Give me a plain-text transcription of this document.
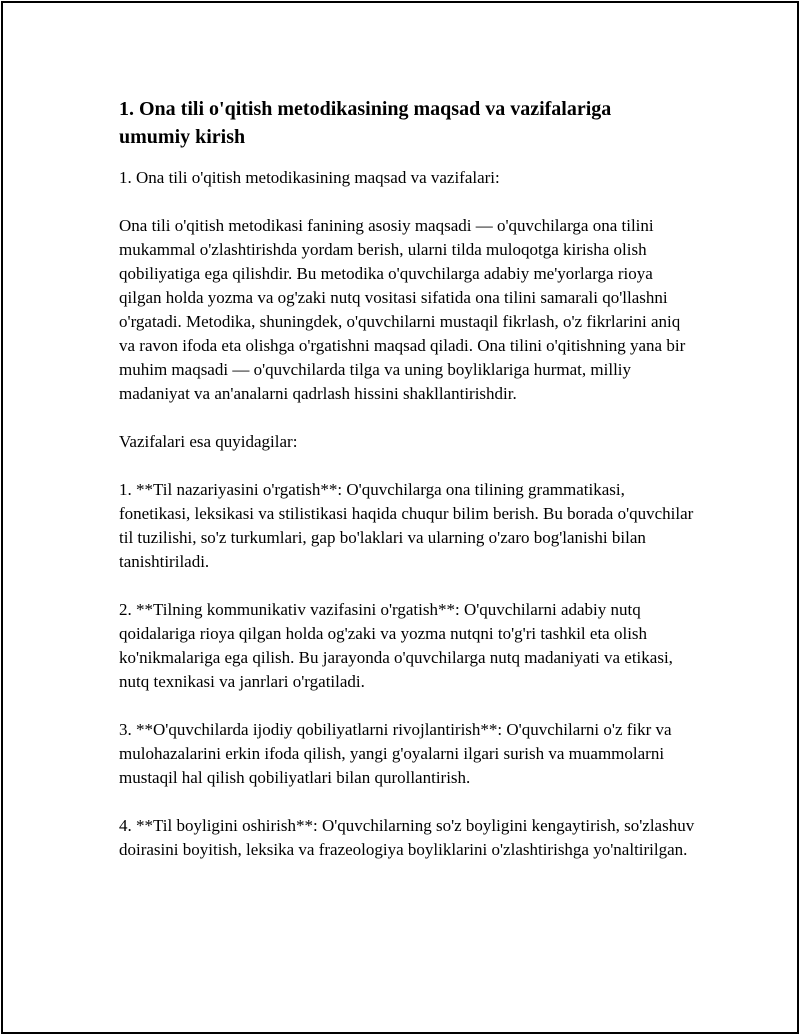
1. Ona tili o'qitish metodikasining maqsad va vazifalariga umumiy kirish

1. Ona tili o'qitish metodikasining maqsad va vazifalari:

Ona tili o'qitish metodikasi fanining asosiy maqsadi — o'quvchilarga ona tilini mukammal o'zlashtirishda yordam berish, ularni tilda muloqotga kirisha olish qobiliyatiga ega qilishdir. Bu metodika o'quvchilarga adabiy me'yorlarga rioya qilgan holda yozma va og'zaki nutq vositasi sifatida ona tilini samarali qo'llashni o'rgatadi. Metodika, shuningdek, o'quvchilarni mustaqil fikrlash, o'z fikrlarini aniq va ravon ifoda eta olishga o'rgatishni maqsad qiladi. Ona tilini o'qitishning yana bir muhim maqsadi — o'quvchilarda tilga va uning boyliklariga hurmat, milliy madaniyat va an'analarni qadrlash hissini shakllantirishdir.

Vazifalari esa quyidagilar:

1. **Til nazariyasini o'rgatish**: O'quvchilarga ona tilining grammatikasi, fonetikasi, leksikasi va stilistikasi haqida chuqur bilim berish. Bu borada o'quvchilar til tuzilishi, so'z turkumlari, gap bo'laklari va ularning o'zaro bog'lanishi bilan tanishtiriladi.

2. **Tilning kommunikativ vazifasini o'rgatish**: O'quvchilarni adabiy nutq qoidalariga rioya qilgan holda og'zaki va yozma nutqni to'g'ri tashkil eta olish ko'nikmalariga ega qilish. Bu jarayonda o'quvchilarga nutq madaniyati va etikasi, nutq texnikasi va janrlari o'rgatiladi.

3. **O'quvchilarda ijodiy qobiliyatlarni rivojlantirish**: O'quvchilarni o'z fikr va mulohazalarini erkin ifoda qilish, yangi g'oyalarni ilgari surish va muammolarni mustaqil hal qilish qobiliyatlari bilan qurollantirish.

4. **Til boyligini oshirish**: O'quvchilarning so'z boyligini kengaytirish, so'zlashuv doirasini boyitish, leksika va frazeologiya boyliklarini o'zlashtirishga yo'naltirilgan.
